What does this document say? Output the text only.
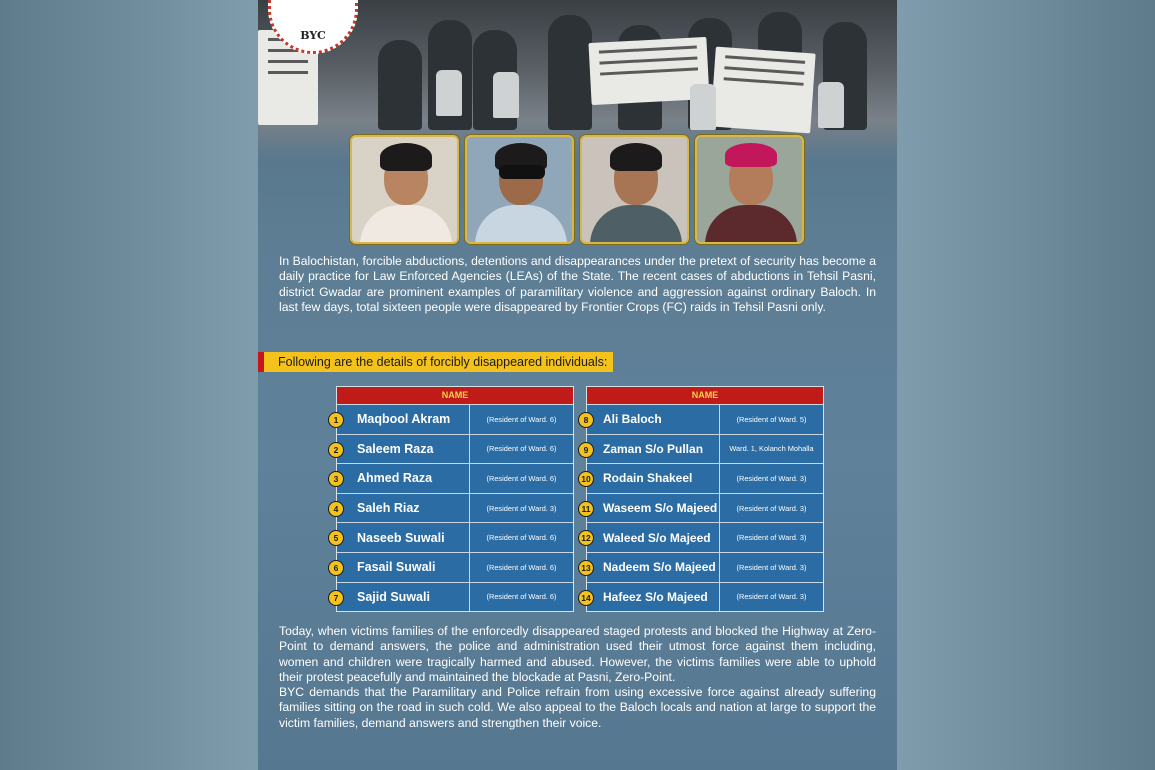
BYC

In Balochistan, forcible abductions, detentions and disappearances under the pretext of security has become a daily practice for Law Enforced Agencies (LEAs) of the State. The recent cases of abductions in Tehsil Pasni, district Gwadar are prominent examples of paramilitary violence and aggression against ordinary Baloch. In last few days, total sixteen people were disappeared by Frontier Crops (FC) raids in Tehsil Pasni only.

Following are the details of forcibly disappeared individuals:
NAME
1	Maqbool Akram	(Resident of Ward. 6)
2	Saleem Raza	(Resident of Ward. 6)
3	Ahmed Raza	(Resident of Ward. 6)
4	Saleh Riaz	(Resident of Ward. 3)
5	Naseeb Suwali	(Resident of Ward. 6)
6	Fasail Suwali	(Resident of Ward. 6)
7	Sajid Suwali	(Resident of Ward. 6)
NAME
8	Ali Baloch	(Resident of Ward. 5)
9	Zaman S/o Pullan	Ward. 1, Kolanch Mohalla
10	Rodain Shakeel	(Resident of Ward. 3)
11	Waseem S/o Majeed	(Resident of Ward. 3)
12	Waleed S/o Majeed	(Resident of Ward. 3)
13	Nadeem S/o Majeed	(Resident of Ward. 3)
14	Hafeez S/o Majeed	(Resident of Ward. 3)

Today, when victims families of the enforcedly disappeared staged protests and blocked the Highway at Zero-Point to demand answers, the police and administration used their utmost force against them including, women and children were tragically harmed and abused. However, the victims families were able to uphold their protest peacefully and maintained the blockade at Pasni, Zero-Point.

BYC demands that the Paramilitary and Police refrain from using excessive force against already suffering families sitting on the road in such cold. We also appeal to the Baloch locals and nation at large to support the victim families, demand answers and strengthen their voice.
